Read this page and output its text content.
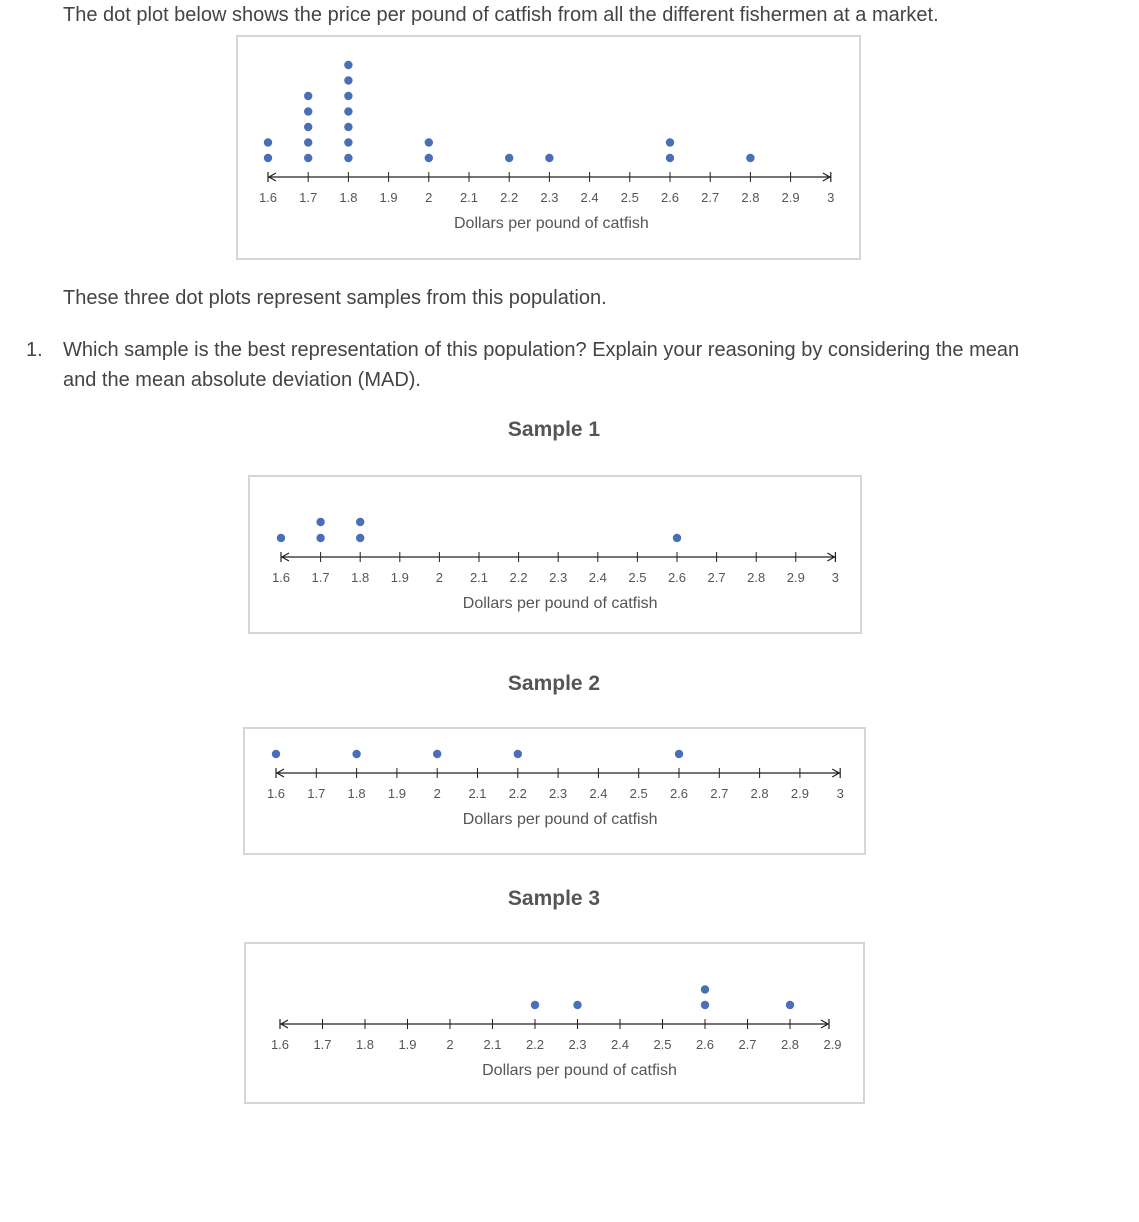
The dot plot below shows the price per pound of catfish from all the different fishermen at a market.
1.6 1.7 1.8 1.9 2 2.1 2.2 2.3 2.4 2.5 2.6 2.7 2.8 2.9 3
Dollars per pound of catfish
These three dot plots represent samples from this population.
1. Which sample is the best representation of this population? Explain your reasoning by considering the mean and the mean absolute deviation (MAD).
Sample 1
1.6 1.7 1.8 1.9 2 2.1 2.2 2.3 2.4 2.5 2.6 2.7 2.8 2.9 3
Dollars per pound of catfish
Sample 2
1.6 1.7 1.8 1.9 2 2.1 2.2 2.3 2.4 2.5 2.6 2.7 2.8 2.9 3
Dollars per pound of catfish
Sample 3
1.6 1.7 1.8 1.9 2 2.1 2.2 2.3 2.4 2.5 2.6 2.7 2.8 2.9
Dollars per pound of catfish
